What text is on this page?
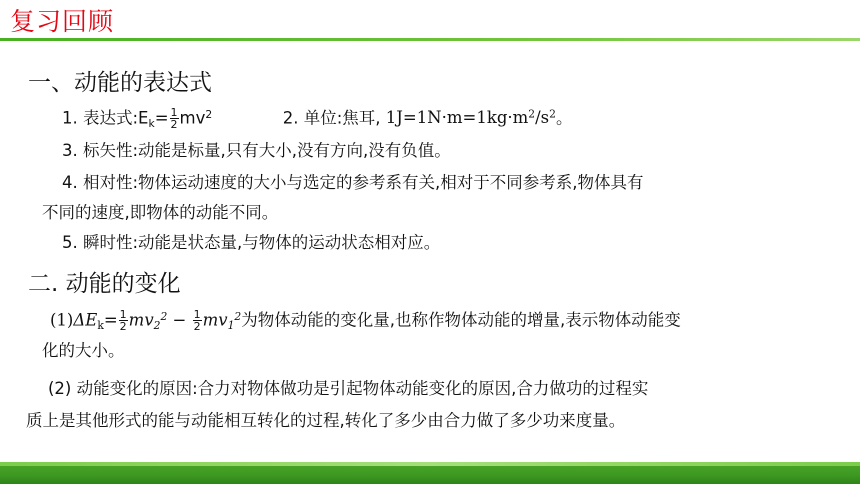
复习回顾
一、动能的表达式
1. 表达式$:E_k= \frac{1}{2} mv^2$	2. 单位:焦耳, $1J=1N\cdot m=1kg\cdot m^2/s^2$。
3. 标矢性:动能是标量,只有大小,没有方向,没有负值。
4. 相对性:物体运动速度的大小与选定的参考系有关,相对于不同参考系,物体具有
不同的速度,即物体的动能不同。
5. 瞬时性:动能是状态量,与物体的运动状态相对应。
二. 动能的变化
$(1)\Delta E_k= \frac{1}{2} mv_2^2 - \frac{1}{2} mv_1^2$为物体动能的变化量,也称作物体动能的增量,表示物体动能变
化的大小。
(2) 动能变化的原因:合力对物体做功是引起物体动能变化的原因,合力做功的过程实
质上是其他形式的能与动能相互转化的过程,转化了多少由合力做了多少功来度量。
